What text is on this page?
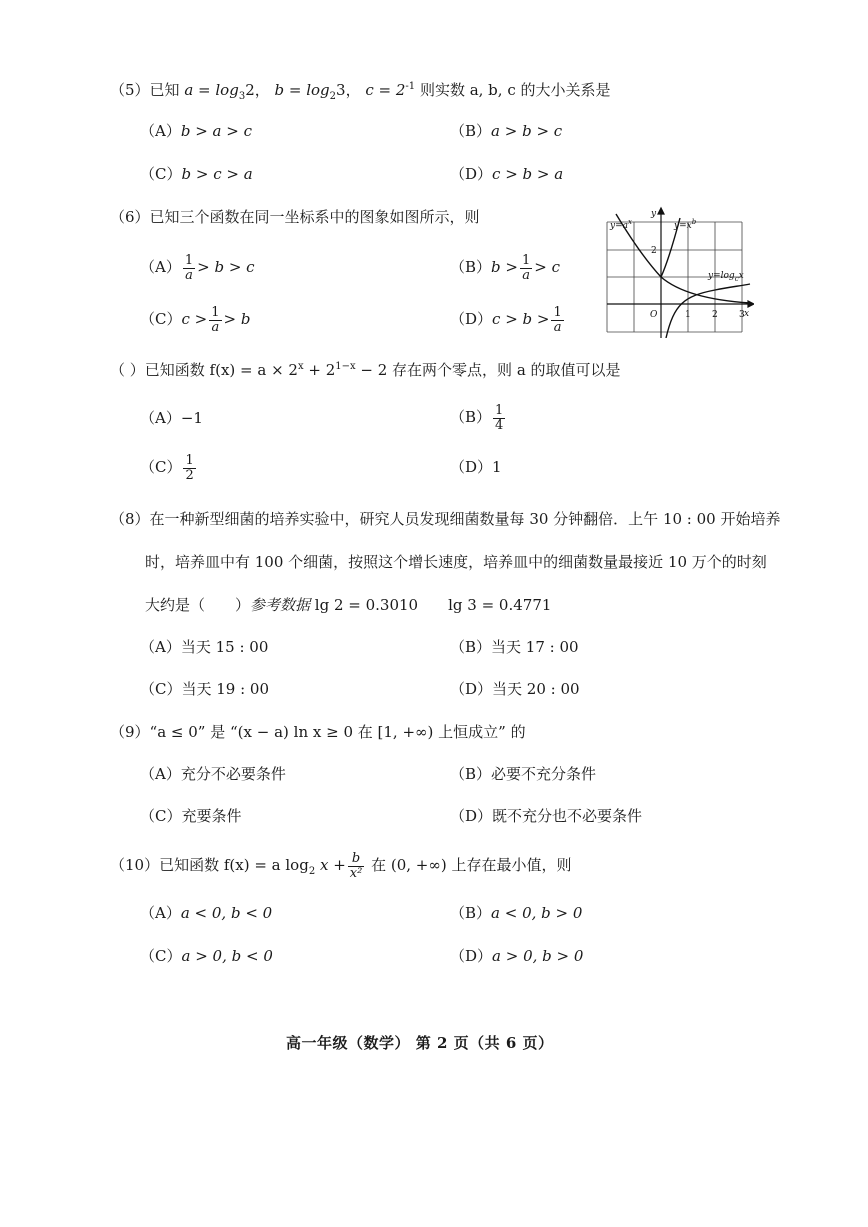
（5）已知 $a = \log_32$， $b = \log_23$， $c = 2^{-1}$ 则实数 a, b, c 的大小关系是
（A）b > a > c	（B）a > b > c
（C）b > c > a	（D）c > b > a
（6）已知三个函数在同一坐标系中的图象如图所示，则
$(A) \frac{1}{a} > b > c$	$(B)b > \frac{1}{a} > c$
$(C)c > \frac{1}{a} > b$	$(D)c > b > \frac{1}{a}$
$y=a^x$	$y=x^b$
$y=\log_cx$
y
x
2
O	1 2 3
（ ）已知函数 $f(x) = a \times 2^x + 2^{1-x} - 2$ 存在两个零点，则 a 的取值可以是
（A）−1	$(B) \frac{1}{4}$
$(C) \frac{1}{2}$	（D）1
（8）在一种新型细菌的培养实验中，研究人员发现细菌数量每 30 分钟翻倍．上午 10 : 00 开始培养
时，培养皿中有 100 个细菌，按照这个增长速度，培养皿中的细菌数量最接近 10 万个的时刻
大约是（　　）参考数据 lg 2 = 0.3010　　lg 3 = 0.4771
（A）当天 15 : 00	（B）当天 17 : 00
（C）当天 19 : 00	（D）当天 20 : 00
（9）“a ≤ 0” 是 “(x − a) ln x ≥ 0 在 [1, +∞) 上恒成立” 的
（A）充分不必要条件	（B）必要不充分条件
（C）充要条件	（D）既不充分也不必要条件
（10）已知函数 f(x) = a $\log_2 x + \frac{b}{\text{x²}}$ 在 (0, +∞) 上存在最小值，则
（A）a < 0, b < 0	（B）a < 0, b > 0
（C）a > 0, b < 0	（D）a > 0, b > 0
高一年级（数学） 第 2 页（共 6 页）
